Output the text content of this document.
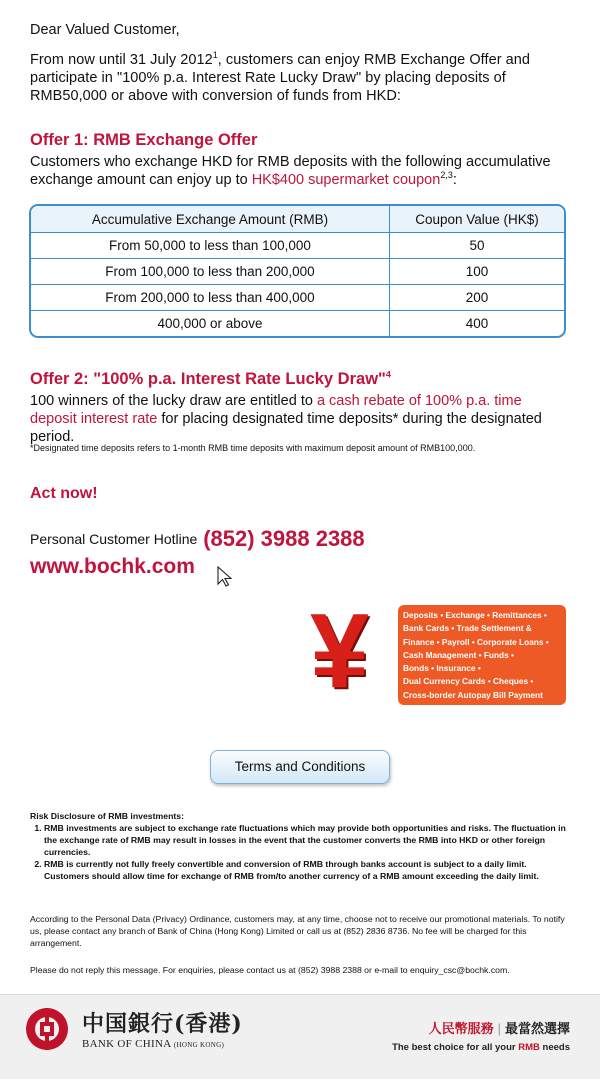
Dear Valued Customer,
From now until 31 July 2012$^1$, customers can enjoy RMB Exchange Offer and participate in "100% p.a. Interest Rate Lucky Draw" by placing deposits of RMB50,000 or above with conversion of funds from HKD:
Offer 1: RMB Exchange Offer
Customers who exchange HKD for RMB deposits with the following accumulative exchange amount can enjoy up to HK$400 supermarket coupon$^{2,3}$:
Accumulative Exchange Amount (RMB)	Coupon Value (HK$)
From 50,000 to less than 100,000	50
From 100,000 to less than 200,000	100
From 200,000 to less than 400,000	200
400,000 or above	400
Offer 2: "100% p.a. Interest Rate Lucky Draw"$^4$
100 winners of the lucky draw are entitled to a cash rebate of 100% p.a. time deposit interest rate for placing designated time deposits* during the designated period.
*Designated time deposits refers to 1-month RMB time deposits with maximum deposit amount of RMB100,000.
Act now!
Personal Customer Hotline (852) 3988 2388
www.bochk.com
¥	Deposits • Exchange • Remittances •
Bank Cards • Trade Settlement &
Finance • Payroll • Corporate Loans •
Cash Management • Funds •
Bonds • Insurance •
Dual Currency Cards • Cheques •
Cross-border Autopay Bill Payment
Terms and Conditions
Risk Disclosure of RMB investments:
1. RMB investments are subject to exchange rate fluctuations which may provide both opportunities and risks. The fluctuation in the exchange rate of RMB may result in losses in the event that the customer converts the RMB into HKD or other foreign currencies.
2. RMB is currently not fully freely convertible and conversion of RMB through banks account is subject to a daily limit. Customers should allow time for exchange of RMB from/to another currency of a RMB amount exceeding the daily limit.
According to the Personal Data (Privacy) Ordinance, customers may, at any time, choose not to receive our promotional materials. To notify us, please contact any branch of Bank of China (Hong Kong) Limited or call us at (852) 2836 8736. No fee will be charged for this arrangement.
Please do not reply this message. For enquiries, please contact us at (852) 3988 2388 or e-mail to enquiry_csc@bochk.com.
中国銀行(香港)
BANK OF CHINA (HONG KONG)
人民幣服務 | 最當然選擇
The best choice for all your RMB needs
